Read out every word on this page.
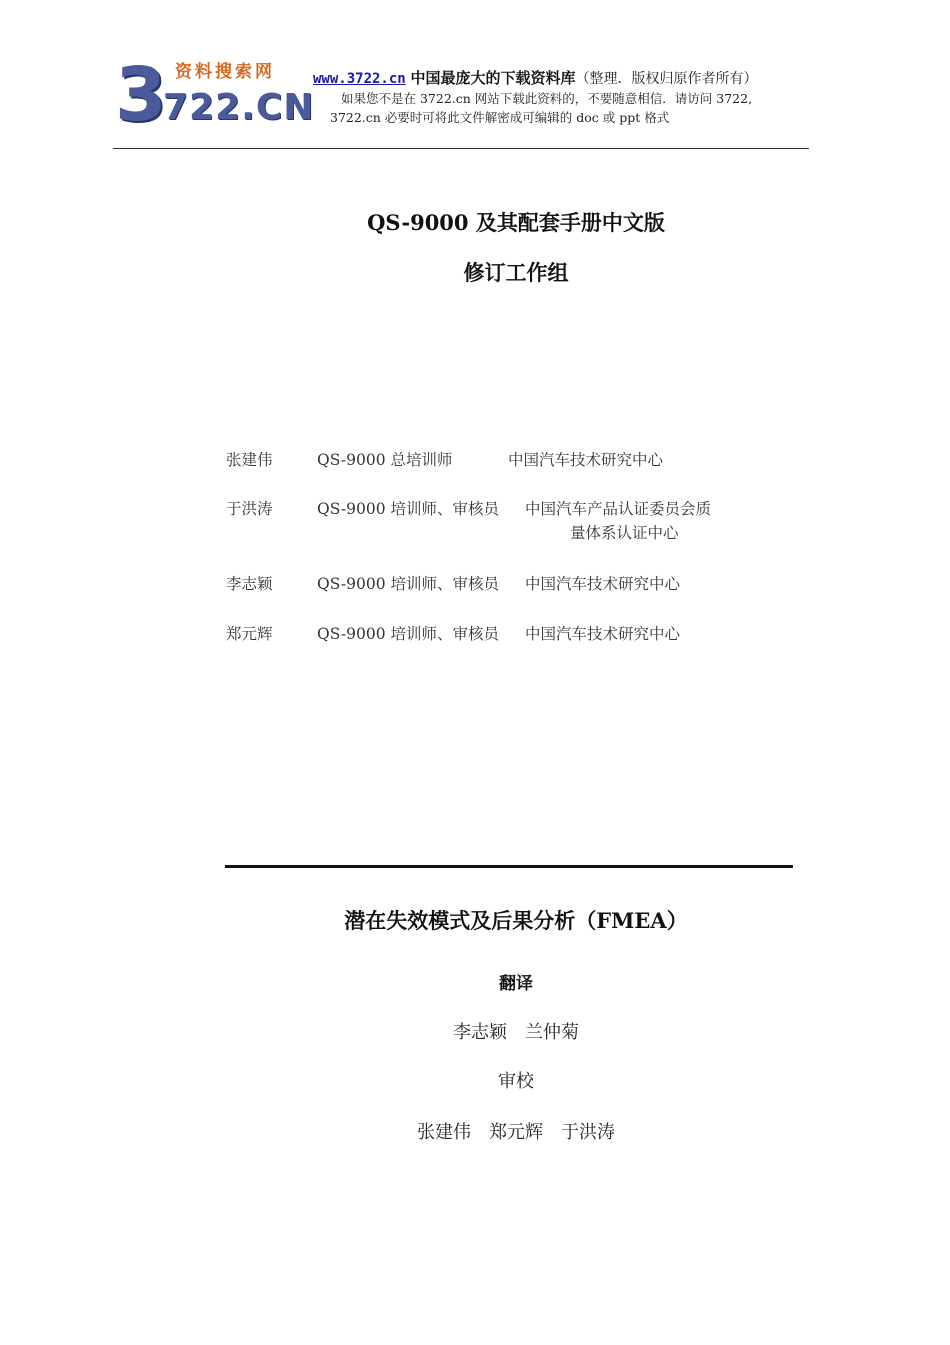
3 资料搜索网
722.CN
www.3722.cn 中国最庞大的下载资料库（整理．版权归原作者所有）
如果您不是在 3722.cn 网站下载此资料的，不要随意相信．请访问 3722,
3722.cn 必要时可将此文件解密成可编辑的 doc 或 ppt 格式
QS-9000 及其配套手册中文版
修订工作组
张建伟	QS-9000 总培训师	中国汽车技术研究中心
于洪涛	QS-9000 培训师、审核员 中国汽车产品认证委员会质
量体系认证中心
李志颖	QS-9000 培训师、审核员 中国汽车技术研究中心
郑元辉	QS-9000 培训师、审核员 中国汽车技术研究中心
潜在失效模式及后果分析（FMEA）
翻译
李志颖 兰仲菊
审校
张建伟 郑元辉 于洪涛
